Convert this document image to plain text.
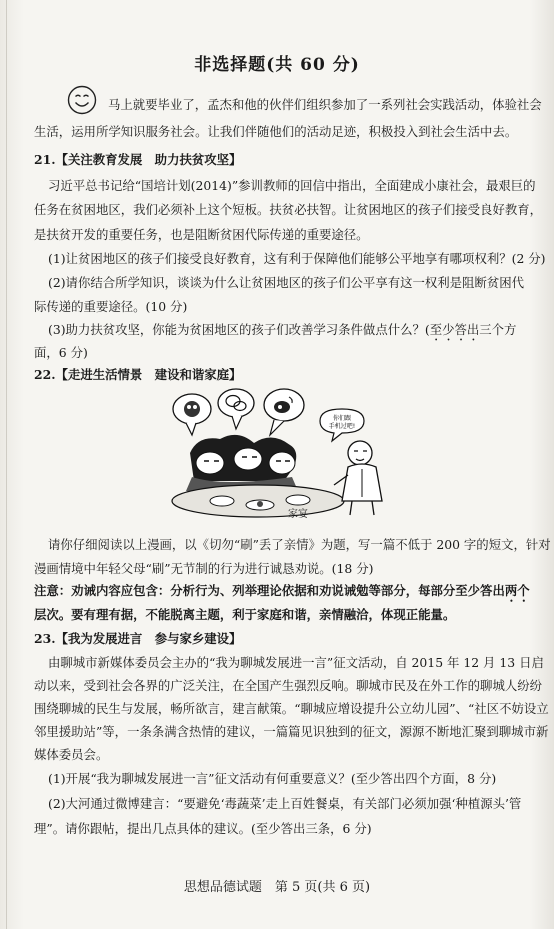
非选择题(共 60 分)
马上就要毕业了，孟杰和他的伙伴们组织参加了一系列社会实践活动，体验社会
生活，运用所学知识服务社会。让我们伴随他们的活动足迹，积极投入到社会生活中去。
21.【关注教育发展　助力扶贫攻坚】
习近平总书记给“国培计划(2014)”参训教师的回信中指出，全面建成小康社会，最艰巨的
任务在贫困地区，我们必须补上这个短板。扶贫必扶智。让贫困地区的孩子们接受良好教育，
是扶贫开发的重要任务，也是阻断贫困代际传递的重要途径。
(1)让贫困地区的孩子们接受良好教育，这有利于保障他们能够公平地享有哪项权利？(2 分)
(2)请你结合所学知识，谈谈为什么让贫困地区的孩子们公平享有这一权利是阻断贫困代
际传递的重要途径。(10 分)
(3)助力扶贫攻坚，你能为贫困地区的孩子们改善学习条件做点什么？(至少答出三个方
面，6 分)
22.【走进生活情景　建设和谐家庭】
你们跟
手机过吧!
家宴
请你仔细阅读以上漫画，以《切勿“刷”丢了亲情》为题，写一篇不低于 200 字的短文，针对
漫画情境中年轻父母“刷”无节制的行为进行诚恳劝说。(18 分)
注意：劝诫内容应包含：分析行为、列举理论依据和劝说诫勉等部分，每部分至少答出两个
层次。要有理有据，不能脱离主题，利于家庭和谐，亲情融洽，体现正能量。
23.【我为发展进言　参与家乡建设】
由聊城市新媒体委员会主办的“我为聊城发展进一言”征文活动，自 2015 年 12 月 13 日启
动以来，受到社会各界的广泛关注，在全国产生强烈反响。聊城市民及在外工作的聊城人纷纷
围绕聊城的民生与发展，畅所欲言，建言献策。“聊城应增设提升公立幼儿园”、“社区不妨设立
邻里援助站”等，一条条满含热情的建议，一篇篇见识独到的征文，源源不断地汇聚到聊城市新
媒体委员会。
(1)开展“我为聊城发展进一言”征文活动有何重要意义？(至少答出四个方面，8 分)
(2)大河通过微博建言：“要避免‘毒蔬菜’走上百姓餐桌，有关部门必须加强‘种植源头’管
理”。请你跟帖，提出几点具体的建议。(至少答出三条，6 分)
思想品德试题　第 5 页(共 6 页)
